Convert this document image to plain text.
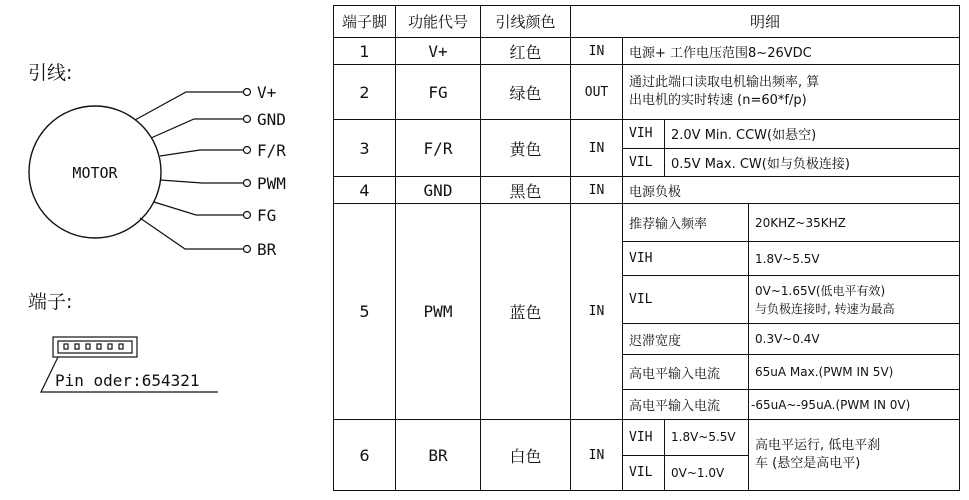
引线:
MOTOR
V+
GND
F/R
PWM
FG
BR
端子:
Pin oder:654321
端子脚	功能代号	引线颜色	明细			
1	V+	红色	IN	电源+ 工作电压范围8~26VDC		
2	FG	绿色	OUT	通过此端口读取电机输出频率, 算
出电机的实时转速 (n=60*f/p)		

3	F/R	黄色	IN	VIH	2.0V Min. CCW(如悬空)	
				VIL	0.5V Max. CW(如与负极连接)	
4	GND	黑色	IN	电源负极		
5	PWM	蓝色	IN	推荐输入频率		20KHZ~35KHZ
				VIH		1.8V~5.5V
				VIL		0V~1.65V(低电平有效)
与负极连接时, 转速为最高

				迟滞宽度		0.3V~0.4V
				高电平输入电流		65uA Max.(PWM IN 5V)
				高电平输入电流		-65uA~-95uA.(PWM IN 0V)
6	BR	白色	IN	VIH	1.8V~5.5V	高电平运行, 低电平刹
车 (悬空是高电平)

				VIL	0V~1.0V	
